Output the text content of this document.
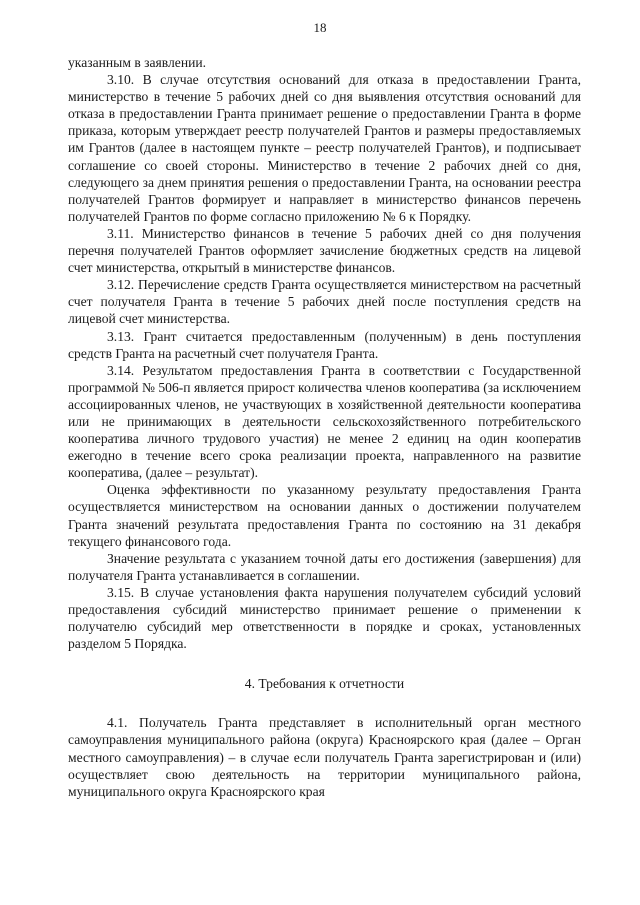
18

указанным в заявлении.

3.10. В случае отсутствия оснований для отказа в предоставлении Гранта, министерство в течение 5 рабочих дней со дня выявления отсутствия оснований для отказа в предоставлении Гранта принимает решение о предоставлении Гранта в форме приказа, которым утверждает реестр получателей Грантов и размеры предоставляемых им Грантов (далее в настоящем пункте – реестр получателей Грантов), и подписывает соглашение со своей стороны. Министерство в течение 2 рабочих дней со дня, следующего за днем принятия решения о предоставлении Гранта, на основании реестра получателей Грантов формирует и направляет в министерство финансов перечень получателей Грантов по форме согласно приложению № 6 к Порядку.

3.11. Министерство финансов в течение 5 рабочих дней со дня получения перечня получателей Грантов оформляет зачисление бюджетных средств на лицевой счет министерства, открытый в министерстве финансов.

3.12. Перечисление средств Гранта осуществляется министерством на расчетный счет получателя Гранта в течение 5 рабочих дней после поступления средств на лицевой счет министерства.

3.13. Грант считается предоставленным (полученным) в день поступления средств Гранта на расчетный счет получателя Гранта.

3.14. Результатом предоставления Гранта в соответствии с Государственной программой № 506-п является прирост количества членов кооператива (за исключением ассоциированных членов, не участвующих в хозяйственной деятельности кооператива или не принимающих в деятельности сельскохозяйственного потребительского кооператива личного трудового участия) не менее 2 единиц на один кооператив ежегодно в течение всего срока реализации проекта, направленного на развитие кооператива, (далее – результат).

Оценка эффективности по указанному результату предоставления Гранта осуществляется министерством на основании данных о достижении получателем Гранта значений результата предоставления Гранта по состоянию на 31 декабря текущего финансового года.

Значение результата с указанием точной даты его достижения (завершения) для получателя Гранта устанавливается в соглашении.

3.15. В случае установления факта нарушения получателем субсидий условий предоставления субсидий министерство принимает решение о применении к получателю субсидий мер ответственности в порядке и сроках, установленных разделом 5 Порядка.

4. Требования к отчетности

4.1. Получатель Гранта представляет в исполнительный орган местного самоуправления муниципального района (округа) Красноярского края (далее – Орган местного самоуправления) – в случае если получатель Гранта зарегистрирован и (или) осуществляет свою деятельность на территории муниципального района, муниципального округа Красноярского края
